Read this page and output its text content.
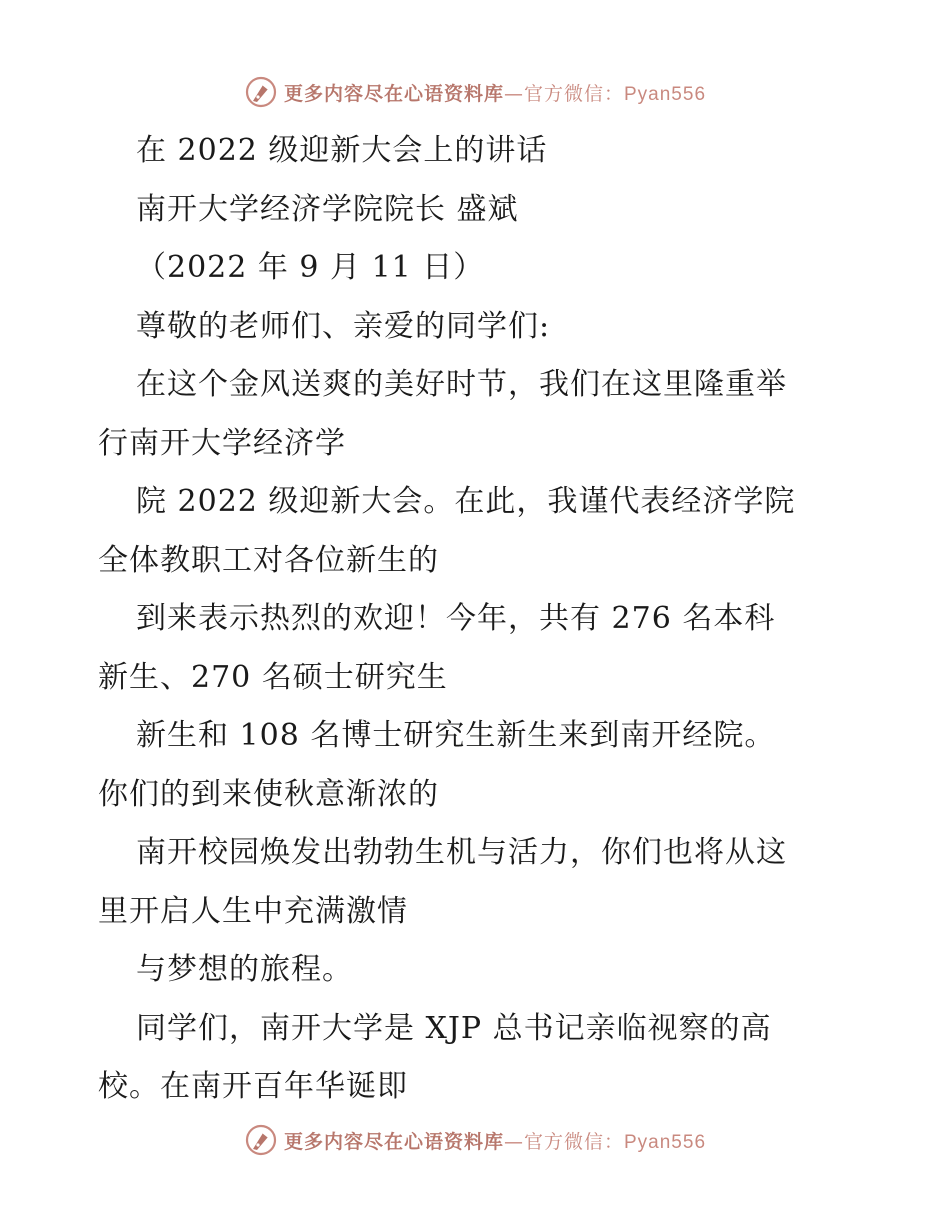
更多内容尽在心语资料库—官方微信：Pyan556
在 2022 级迎新大会上的讲话
南开大学经济学院院长 盛斌
（2022 年 9 月 11 日）
尊敬的老师们、亲爱的同学们:
在这个金风送爽的美好时节，我们在这里隆重举
行南开大学经济学
院 2022 级迎新大会。在此，我谨代表经济学院
全体教职工对各位新生的
到来表示热烈的欢迎！今年，共有 276 名本科
新生、270 名硕士研究生
新生和 108 名博士研究生新生来到南开经院。
你们的到来使秋意渐浓的
南开校园焕发出勃勃生机与活力，你们也将从这
里开启人生中充满激情
与梦想的旅程。
同学们，南开大学是 XJP 总书记亲临视察的高
校。在南开百年华诞即
更多内容尽在心语资料库—官方微信：Pyan556
